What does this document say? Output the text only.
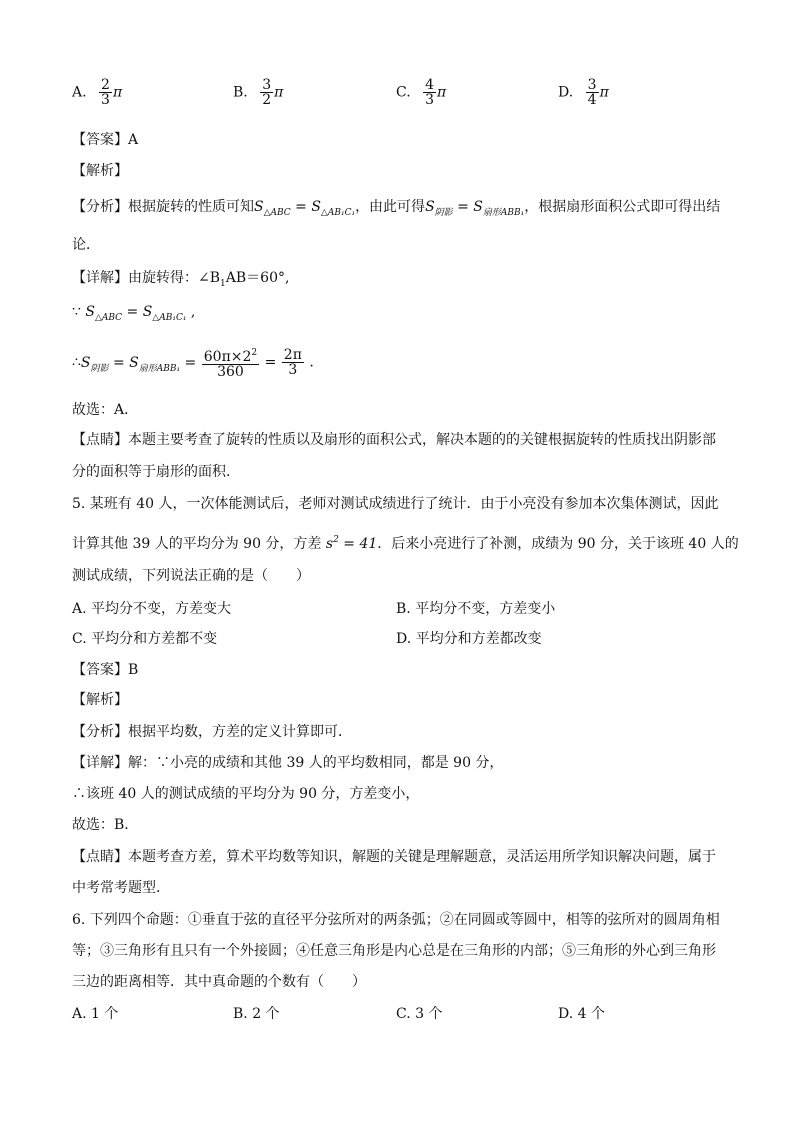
A. $\frac{2}{3}$ π	B. $\frac{3}{2}$ π	C. $\frac{4}{3}$ π	D. $\frac{3}{4}$ π
【答案】A
【解析】
【分析】根据旋转的性质可知$S_{\triangle ABC} = S_{\triangle AB_1C_1}$，由此可得$S_{阴影} = S_{扇形ABB_1}$，根据扇形面积公式即可得出结
论．
【详解】由旋转得：$\angle B_1AB=60^\circ$,
∵ $S_{\triangle ABC} = S_{\triangle AB_1C_1}$ ,
$\therefore S_{阴影} = S_{扇形ABB_1} = \frac{60\pi\times 2^2}{360} = \frac{2\pi}{3}$ .
故选：A．
【点睛】本题主要考查了旋转的性质以及扇形的面积公式，解决本题的的关键根据旋转的性质找出阴影部
分的面积等于扇形的面积．
5. 某班有 40 人，一次体能测试后，老师对测试成绩进行了统计．由于小亮没有参加本次集体测试，因此
计算其他 39 人的平均分为 90 分，方差 $s^2 = 41$．后来小亮进行了补测，成绩为 90 分，关于该班 40 人的
测试成绩，下列说法正确的是（　　）
A. 平均分不变，方差变大	B. 平均分不变，方差变小
C. 平均分和方差都不变	D. 平均分和方差都改变
【答案】B
【解析】
【分析】根据平均数，方差的定义计算即可．
【详解】解：∵小亮的成绩和其他 39 人的平均数相同，都是 90 分，
∴该班 40 人的测试成绩的平均分为 90 分，方差变小，
故选：B．
【点睛】本题考查方差，算术平均数等知识，解题的关键是理解题意，灵活运用所学知识解决问题，属于
中考常考题型．
6. 下列四个命题：①垂直于弦的直径平分弦所对的两条弧；②在同圆或等圆中，相等的弦所对的圆周角相
等；③三角形有且只有一个外接圆；④任意三角形是内心总是在三角形的内部；⑤三角形的外心到三角形
三边的距离相等．其中真命题的个数有（　　）
A. 1 个	B. 2 个	C. 3 个	D. 4 个
